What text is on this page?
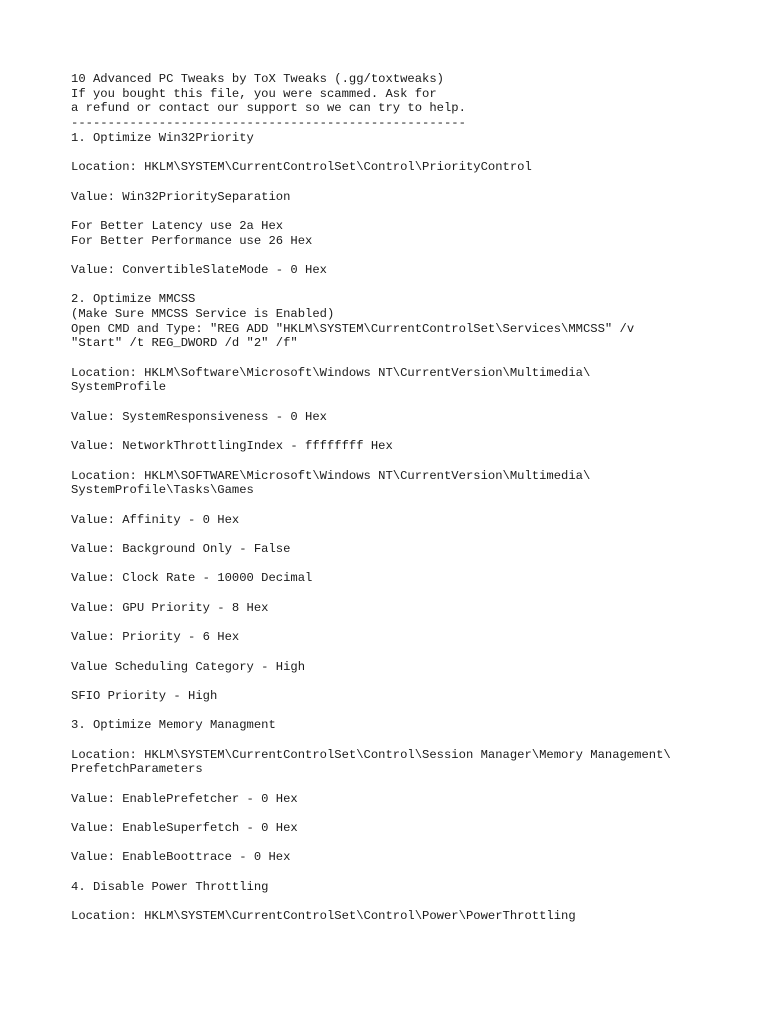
10 Advanced PC Tweaks by ToX Tweaks (.gg/toxtweaks)
If you bought this file, you were scammed. Ask for
a refund or contact our support so we can try to help.
------------------------------------------------------
1. Optimize Win32Priority
Location: HKLM\SYSTEM\CurrentControlSet\Control\PriorityControl
Value: Win32PrioritySeparation
For Better Latency use 2a Hex
For Better Performance use 26 Hex
Value: ConvertibleSlateMode - 0 Hex
2. Optimize MMCSS
(Make Sure MMCSS Service is Enabled)
Open CMD and Type: "REG ADD "HKLM\SYSTEM\CurrentControlSet\Services\MMCSS" /v
"Start" /t REG_DWORD /d "2" /f"
Location: HKLM\Software\Microsoft\Windows NT\CurrentVersion\Multimedia\
SystemProfile
Value: SystemResponsiveness - 0 Hex
Value: NetworkThrottlingIndex - ffffffff Hex
Location: HKLM\SOFTWARE\Microsoft\Windows NT\CurrentVersion\Multimedia\
SystemProfile\Tasks\Games
Value: Affinity - 0 Hex
Value: Background Only - False
Value: Clock Rate - 10000 Decimal
Value: GPU Priority - 8 Hex
Value: Priority - 6 Hex
Value Scheduling Category - High
SFIO Priority - High
3. Optimize Memory Managment
Location: HKLM\SYSTEM\CurrentControlSet\Control\Session Manager\Memory Management\
PrefetchParameters
Value: EnablePrefetcher - 0 Hex
Value: EnableSuperfetch - 0 Hex
Value: EnableBoottrace - 0 Hex
4. Disable Power Throttling
Location: HKLM\SYSTEM\CurrentControlSet\Control\Power\PowerThrottling
